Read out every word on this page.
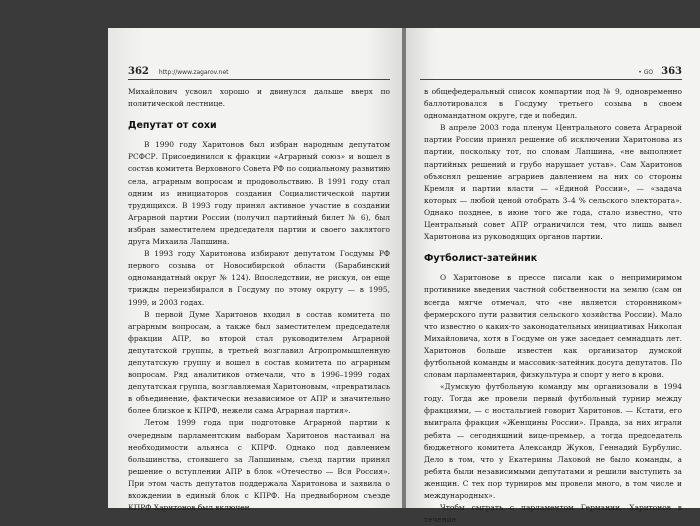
362 http://www.zagarov.net

Михайлович усвоил хорошо и двинулся дальше вверх по политической лестнице.

Депутат от сохи

В 1990 году Харитонов был избран народным депутатом РСФСР. Присоединился к фракции «Аграрный союз» и вошел в состав комитета Верховного Совета РФ по социальному развитию села, аграрным вопросам и продовольствию. В 1991 году стал одним из инициаторов создания Социалистической партии трудящихся. В 1993 году принял активное участие в создании Аграрной партии России (получил партийный билет № 6), был избран заместителем председателя партии и своего заклятого друга Михаила Лапшина.

В 1993 году Харитонова избирают депутатом Госдумы РФ первого созыва от Новосибирской области (Барабинский одномандатный округ № 124). Впоследствии, не рискуя, он еще трижды переизбирался в Госдуму по этому округу — в 1995, 1999, и 2003 годах.

В первой Думе Харитонов входил в состав комитета по аграрным вопросам, а также был заместителем председателя фракции АПР, во второй стал руководителем Аграрной депутатской группы, в третьей возглавил Агропромышленную депутатскую группу и вошел в состав комитета по аграрным вопросам. Ряд аналитиков отмечали, что в 1996–1999 годах депутатская группа, возглавляемая Харитоновым, «превратилась в объединение, фактически независимое от АПР и значительно более близкое к КПРФ, нежели сама Аграрная партия».

Летом 1999 года при подготовке Аграрной партии к очередным парламентским выборам Харитонов настаивал на необходимости альянса с КПРФ. Однако под давлением большинства, стоявшего за Лапшиным, съезд партии принял решение о вступлении АПР в блок «Отечество — Вся Россия». При этом часть депутатов поддержала Харитонова и заявила о вхождении в единый блок с КПРФ. На предвыборном съезде КПРФ Харитонов был включен

• GO 363

в общефедеральный список компартии под № 9, одновременно баллотировался в Госдуму третьего созыва в своем одномандатном округе, где и победил.

В апреле 2003 года пленум Центрального совета Аграрной партии России принял решение об исключении Харитонова из партии, поскольку тот, по словам Лапшина, «не выполняет партийных решений и грубо нарушает устав». Сам Харитонов объяснял решение аграриев давлением на них со стороны Кремля и партии власти — «Единой России», — «задача которых — любой ценой отобрать 3–4 % сельского электората». Однако позднее, в июне того же года, стало известно, что Центральный совет АПР ограничился тем, что лишь вывел Харитонова из руководящих органов партии.

Футболист-затейник

О Харитонове в прессе писали как о непримиримом противнике введения частной собственности на землю (сам он всегда мягче отмечал, что «не является сторонником» фермерского пути развития сельского хозяйства России). Мало что известно о каких-то законодательных инициативах Николая Михайловича, хотя в Госдуме он уже заседает семнадцать лет. Харитонов больше известен как организатор думской футбольной команды и массовик-затейник досуга депутатов. По словам парламентария, физкультура и спорт у него в крови.

«Думскую футбольную команду мы организовали в 1994 году. Тогда же провели первый футбольный турнир между фракциями, — с ностальгией говорит Харитонов. — Кстати, его выиграла фракция «Женщины России». Правда, за них играли ребята — сегодняшний вице-премьер, а тогда председатель бюджетного комитета Александр Жуков, Геннадий Бурбулис. Дело в том, что у Екатерины Лаховой не было команды, а ребята были независимыми депутатами и решили выступить за женщин. С тех пор турниров мы провели много, в том числе и международных».

Чтобы сыграть с парламентом Германии, Харитонов в течение
